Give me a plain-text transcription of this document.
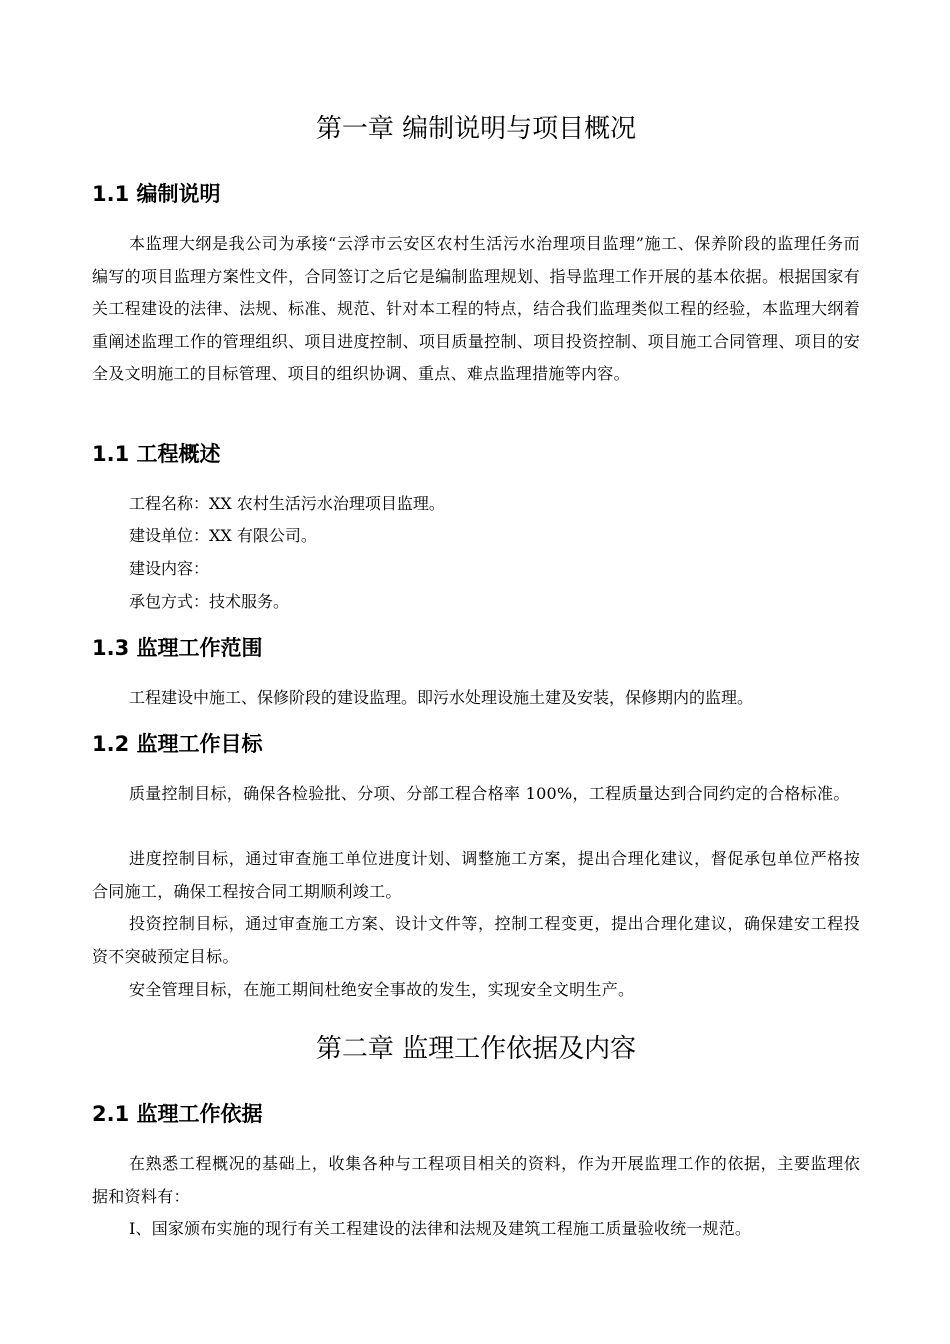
第一章 编制说明与项目概况
1.1 编制说明

本监理大纲是我公司为承接“云浮市云安区农村生活污水治理项目监理”施工、保养阶段的监理任务而编写的项目监理方案性文件，合同签订之后它是编制监理规划、指导监理工作开展的基本依据。根据国家有关工程建设的法律、法规、标准、规范、针对本工程的特点，结合我们监理类似工程的经验，本监理大纲着重阐述监理工作的管理组织、项目进度控制、项目质量控制、项目投资控制、项目施工合同管理、项目的安全及文明施工的目标管理、项目的组织协调、重点、难点监理措施等内容。

1.1 工程概述

工程名称：XX 农村生活污水治理项目监理。

建设单位：XX 有限公司。

建设内容：

承包方式：技术服务。

1.3 监理工作范围

工程建设中施工、保修阶段的建设监理。即污水处理设施土建及安装，保修期内的监理。

1.2 监理工作目标

质量控制目标，确保各检验批、分项、分部工程合格率 100%，工程质量达到合同约定的合格标准。

进度控制目标，通过审查施工单位进度计划、调整施工方案，提出合理化建议，督促承包单位严格按合同施工，确保工程按合同工期顺利竣工。

投资控制目标，通过审查施工方案、设计文件等，控制工程变更，提出合理化建议，确保建安工程投资不突破预定目标。

安全管理目标，在施工期间杜绝安全事故的发生，实现安全文明生产。

第二章 监理工作依据及内容
2.1 监理工作依据

在熟悉工程概况的基础上，收集各种与工程项目相关的资料，作为开展监理工作的依据，主要监理依据和资料有：

Ⅰ、国家颁布实施的现行有关工程建设的法律和法规及建筑工程施工质量验收统一规范。
